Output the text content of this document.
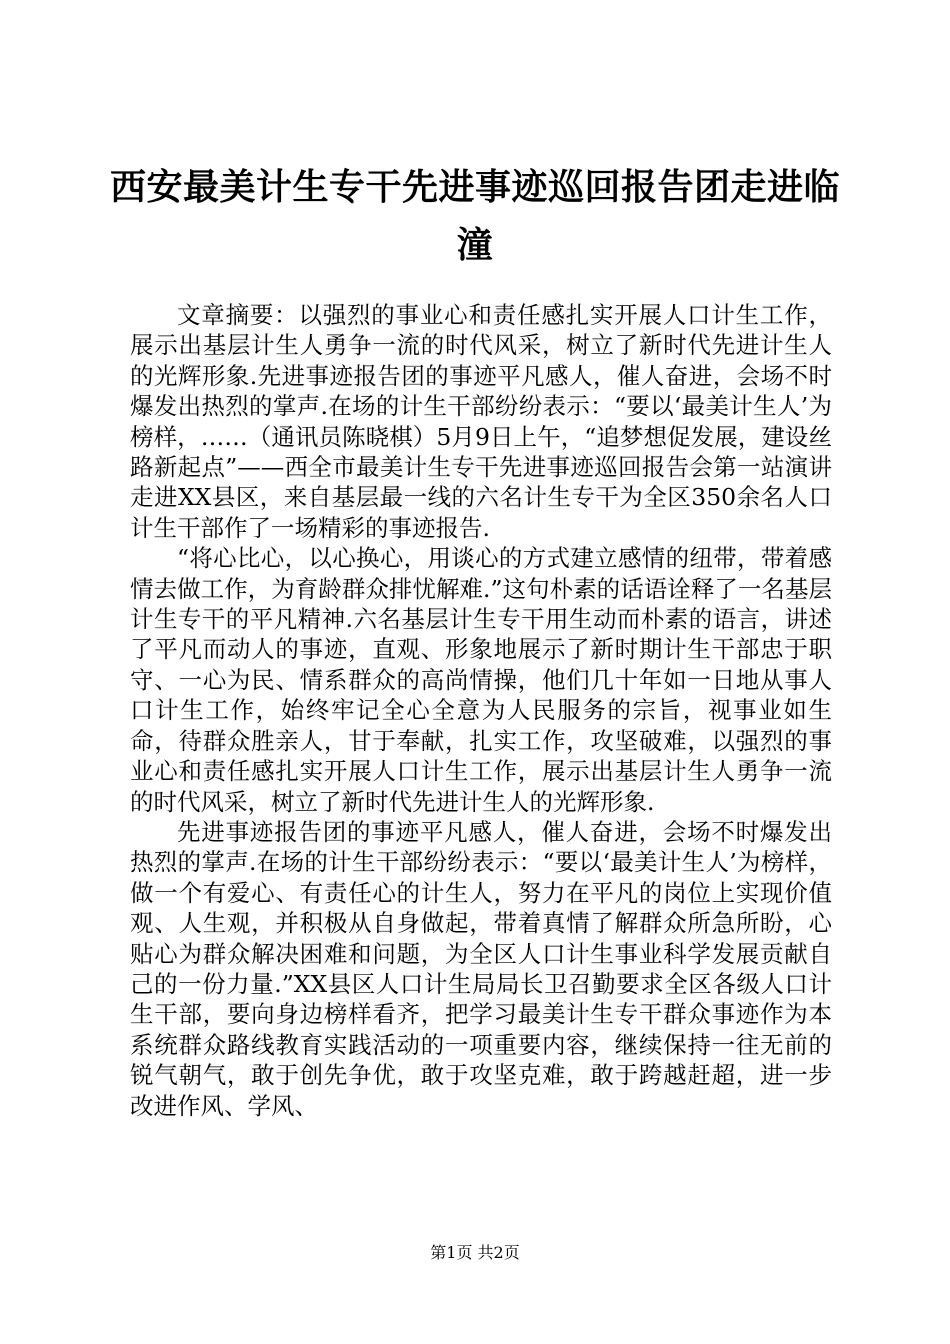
西安最美计生专干先进事迹巡回报告团走进临潼

文章摘要：以强烈的事业心和责任感扎实开展人口计生工作，展示出基层计生人勇争一流的时代风采，树立了新时代先进计生人的光辉形象.先进事迹报告团的事迹平凡感人，催人奋进，会场不时爆发出热烈的掌声.在场的计生干部纷纷表示：“要以‘最美计生人’为榜样，……（通讯员陈晓棋）5月9日上午，“追梦想促发展，建设丝路新起点”——西全市最美计生专干先进事迹巡回报告会第一站演讲走进XX县区，来自基层最一线的六名计生专干为全区350余名人口计生干部作了一场精彩的事迹报告.

“将心比心，以心换心，用谈心的方式建立感情的纽带，带着感情去做工作，为育龄群众排忧解难.”这句朴素的话语诠释了一名基层计生专干的平凡精神.六名基层计生专干用生动而朴素的语言，讲述了平凡而动人的事迹，直观、形象地展示了新时期计生干部忠于职守、一心为民、情系群众的高尚情操，他们几十年如一日地从事人口计生工作，始终牢记全心全意为人民服务的宗旨，视事业如生命，待群众胜亲人，甘于奉献，扎实工作，攻坚破难，以强烈的事业心和责任感扎实开展人口计生工作，展示出基层计生人勇争一流的时代风采，树立了新时代先进计生人的光辉形象.

先进事迹报告团的事迹平凡感人，催人奋进，会场不时爆发出热烈的掌声.在场的计生干部纷纷表示：“要以‘最美计生人’为榜样，做一个有爱心、有责任心的计生人，努力在平凡的岗位上实现价值观、人生观，并积极从自身做起，带着真情了解群众所急所盼，心贴心为群众解决困难和问题，为全区人口计生事业科学发展贡献自己的一份力量.”XX县区人口计生局局长卫召勤要求全区各级人口计生干部，要向身边榜样看齐，把学习最美计生专干群众事迹作为本系统群众路线教育实践活动的一项重要内容，继续保持一往无前的锐气朝气，敢于创先争优，敢于攻坚克难，敢于跨越赶超，进一步改进作风、学风、

第1页 共2页
